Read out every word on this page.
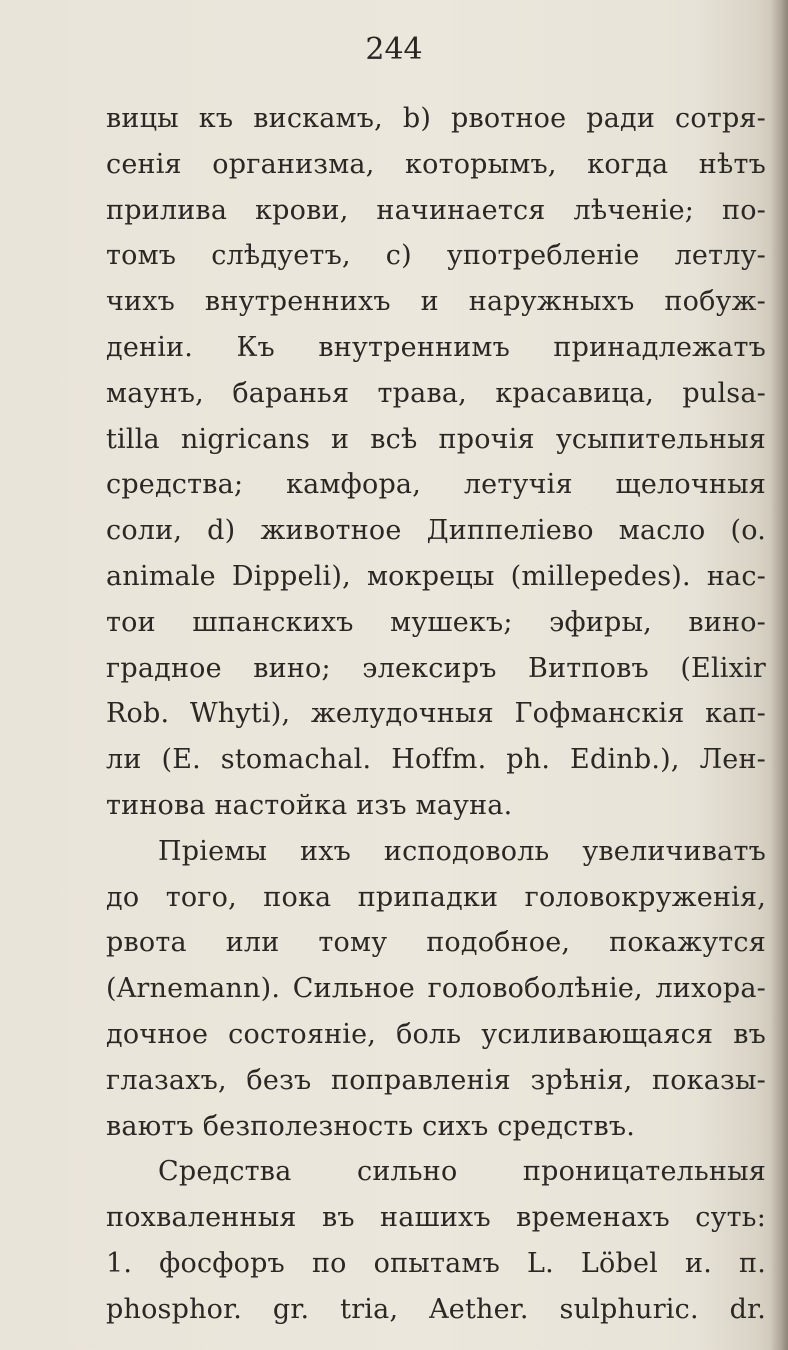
244
вицы къ вискамъ, b) рвотное ради сотря-
сенія организма, которымъ, когда нѣтъ
прилива крови, начинается лѣченіе; по-
томъ слѣдуетъ, с) употребленіе летлу-
чихъ внутреннихъ и наружныхъ побуж-
деніи. Къ внутреннимъ принадлежатъ
маунъ, баранья трава, красавица, pulsa-
tilla nigricans и всѣ прочія усыпительныя
средства; камфора, летучія щелочныя
соли, d) животное Диппеліево масло (o.
animale Dippeli), мокрецы (millepedes). нас-
тои шпанскихъ мушекъ; эфиры, вино-
градное вино; элексиръ Витповъ (Elixir
Rob. Whyti), желудочныя Гофманскія кап-
ли (E. stomachal. Hoffm. ph. Edinb.), Лен-
тинова настойка изъ мауна.
Пріемы ихъ исподоволь увеличиватъ
до того, пока припадки головокруженія,
рвота или тому подобное, покажутся
(Arnemann). Сильное головоболѣніе, лихора-
дочное состояніе, боль усиливающаяся въ
глазахъ, безъ поправленія зрѣнія, показы-
ваютъ безполезность сихъ средствъ.
Средства сильно проницательныя
похваленныя въ нашихъ временахъ суть:
1. фосфоръ по опытамъ L. Löbel и. п.
phosphor. gr. tria, Aether. sulphuric. dr.
